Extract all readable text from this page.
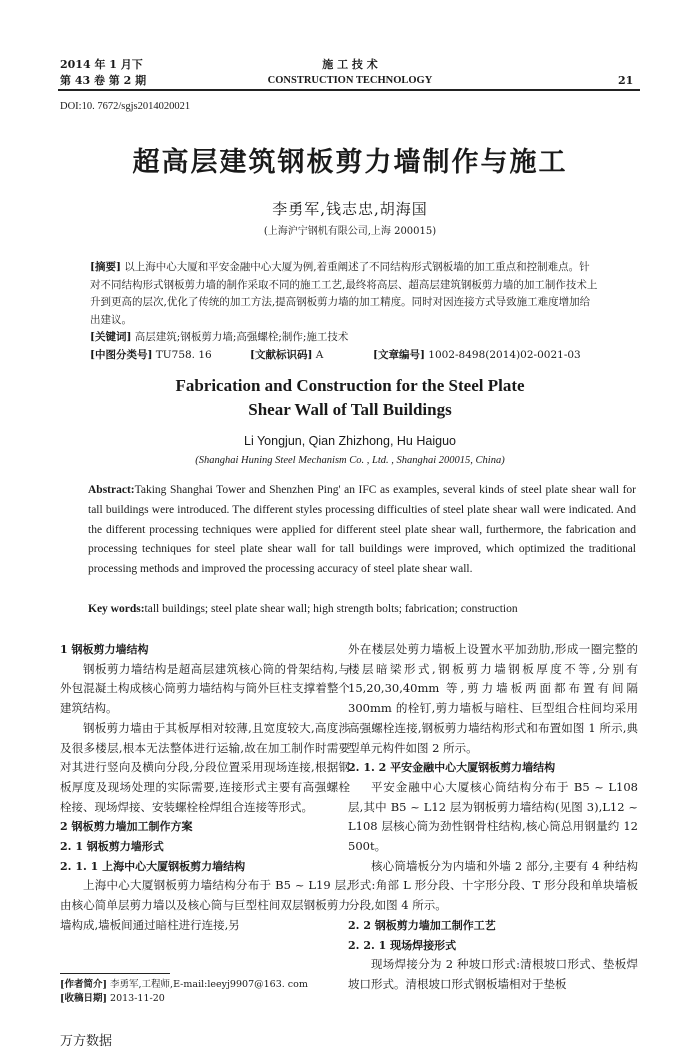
2014 年 1 月下
第 43 卷 第 2 期
施 工 技 术
CONSTRUCTION TECHNOLOGY	21
DOI:10. 7672/sgjs2014020021
超高层建筑钢板剪力墙制作与施工
李勇军,钱志忠,胡海国
(上海沪宁钢机有限公司,上海 200015)
[摘要] 以上海中心大厦和平安金融中心大厦为例,着重阐述了不同结构形式钢板墙的加工重点和控制难点。针
对不同结构形式钢板剪力墙的制作采取不同的施工工艺,最终将高层、超高层建筑钢板剪力墙的加工制作技术上
升到更高的层次,优化了传统的加工方法,提高钢板剪力墙的加工精度。同时对因连接方式导致施工难度增加给
出建议。
[关键词] 高层建筑;钢板剪力墙;高强螺栓;制作;施工技术
[中图分类号] TU758. 16	[文献标识码] A	[文章编号] 1002-8498(2014)02-0021-03
Fabrication and Construction for the Steel Plate
Shear Wall of Tall Buildings
Li Yongjun, Qian Zhizhong, Hu Haiguo
(Shanghai Huning Steel Mechanism Co. , Ltd. , Shanghai 200015, China)
Abstract:Taking Shanghai Tower and Shenzhen Ping' an IFC as examples, several kinds of steel plate shear wall for tall buildings were introduced. The different styles processing difficulties of steel plate shear wall were indicated. And the different processing techniques were applied for different steel plate shear wall, furthermore, the fabrication and processing techniques for steel plate shear wall for tall buildings were improved, which optimized the traditional processing methods and improved the processing accuracy of steel plate shear wall.
Key words:tall buildings; steel plate shear wall; high strength bolts; fabrication; construction

1 钢板剪力墙结构

钢板剪力墙结构是超高层建筑核心筒的骨架结构,与外包混凝土构成核心筒剪力墙结构与筒外巨柱支撑着整个建筑结构。

钢板剪力墙由于其板厚相对较薄,且宽度较大,高度涉及很多楼层,根本无法整体进行运输,故在加工制作时需要对其进行竖向及横向分段,分段位置采用现场连接,根据钢板厚度及现场处理的实际需要,连接形式主要有高强螺栓栓接、现场焊接、安装螺栓栓焊组合连接等形式。

2 钢板剪力墙加工制作方案

2. 1 钢板剪力墙形式

2. 1. 1 上海中心大厦钢板剪力墙结构

上海中心大厦钢板剪力墙结构分布于 B5 ~ L19 层,由核心简单层剪力墙以及核心筒与巨型柱间双层钢板剪力墙构成,墙板间通过暗柱进行连接,另

[作者简介] 李勇军,工程师,E-mail:leeyj9907@163. com
[收稿日期] 2013-11-20

外在楼层处剪力墙板上设置水平加劲肋,形成一圈完整的楼层暗梁形式,钢板剪力墙钢板厚度不等,分别有 15,20,30,40mm 等,剪力墙板两面都布置有间隔 300mm 的栓钉,剪力墙板与暗柱、巨型组合柱间均采用高强螺栓连接,钢板剪力墙结构形式和布置如图 1 所示,典型单元构件如图 2 所示。

2. 1. 2 平安金融中心大厦钢板剪力墙结构

平安金融中心大厦核心筒结构分布于 B5 ~ L108 层,其中 B5 ~ L12 层为钢板剪力墙结构(见图 3),L12 ~ L108 层核心筒为劲性钢骨柱结构,核心筒总用钢量约 12 500t。

核心筒墙板分为内墙和外墙 2 部分,主要有 4 种结构形式:角部 L 形分段、十字形分段、T 形分段和单块墙板分段,如图 4 所示。

2. 2 钢板剪力墙加工制作工艺

2. 2. 1 现场焊接形式

现场焊接分为 2 种坡口形式:清根坡口形式、垫板焊坡口形式。清根坡口形式钢板墙相对于垫板

万方数据
